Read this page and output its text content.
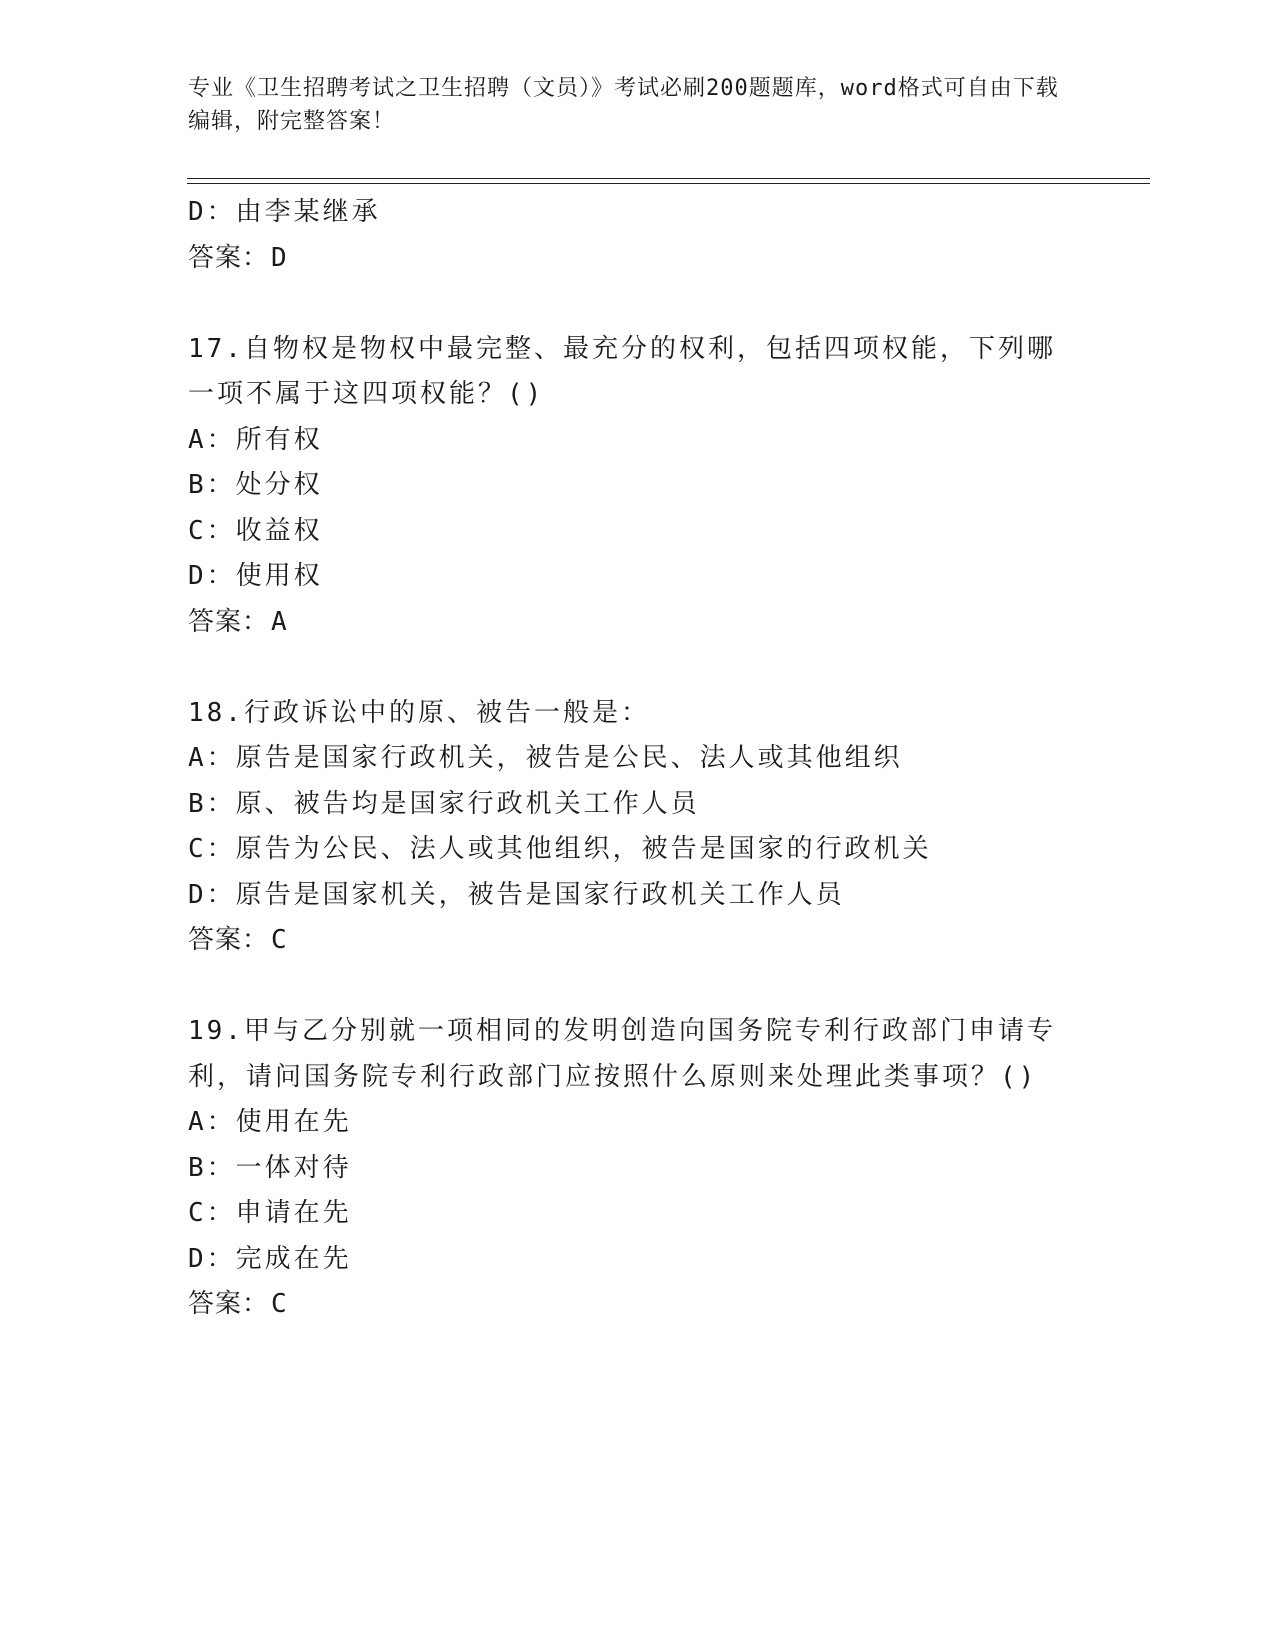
专业《卫生招聘考试之卫生招聘（文员）》考试必刷200题题库，word格式可自由下载编辑，附完整答案！
D：由李某继承
答案：D
17.自物权是物权中最完整、最充分的权利，包括四项权能，下列哪一项不属于这四项权能？()
A：所有权
B：处分权
C：收益权
D：使用权
答案：A
18.行政诉讼中的原、被告一般是：
A：原告是国家行政机关，被告是公民、法人或其他组织
B：原、被告均是国家行政机关工作人员
C：原告为公民、法人或其他组织，被告是国家的行政机关
D：原告是国家机关，被告是国家行政机关工作人员
答案：C
19.甲与乙分别就一项相同的发明创造向国务院专利行政部门申请专利，请问国务院专利行政部门应按照什么原则来处理此类事项？()
A：使用在先
B：一体对待
C：申请在先
D：完成在先
答案：C
